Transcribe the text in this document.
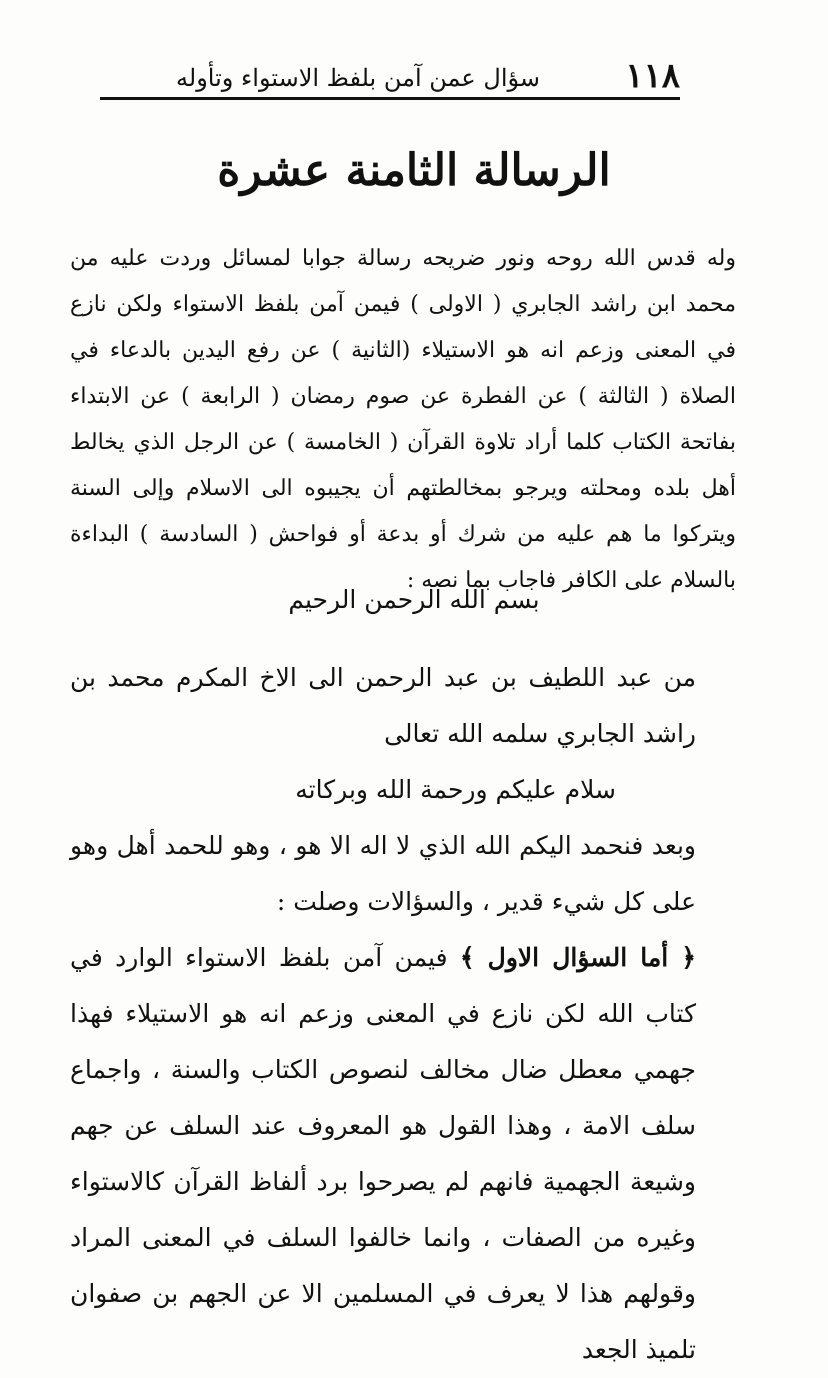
١١٨
سؤال عمن آمن بلفظ الاستواء وتأوله
الرسالة الثامنة عشرة
وله قدس الله روحه ونور ضريحه رسالة جوابا لمسائل وردت عليه من محمد ابن راشد الجابري ( الاولى ) فيمن آمن بلفظ الاستواء ولكن نازع في المعنى وزعم انه هو الاستيلاء (الثانية ) عن رفع اليدين بالدعاء في الصلاة ( الثالثة ) عن الفطرة عن صوم رمضان ( الرابعة ) عن الابتداء بفاتحة الكتاب كلما أراد تلاوة القرآن ( الخامسة ) عن الرجل الذي يخالط أهل بلده ومحلته ويرجو بمخالطتهم أن يجيبوه الى الاسلام وإلى السنة ويتركوا ما هم عليه من شرك أو بدعة أو فواحش ( السادسة ) البداءة بالسلام على الكافر فاجاب بما نصه :
بسم الله الرحمن الرحيم

من عبد اللطيف بن عبد الرحمن الى الاخ المكرم محمد بن راشد الجابري سلمه الله تعالى

سلام عليكم ورحمة الله وبركاته

وبعد فنحمد اليكم الله الذي لا اله الا هو ، وهو للحمد أهل وهو على كل شيء قدير ، والسؤالات وصلت :

﴿ أما السؤال الاول ﴾ فيمن آمن بلفظ الاستواء الوارد في كتاب الله لكن نازع في المعنى وزعم انه هو الاستيلاء فهذا جهمي معطل ضال مخالف لنصوص الكتاب والسنة ، واجماع سلف الامة ، وهذا القول هو المعروف عند السلف عن جهم وشيعة الجهمية فانهم لم يصرحوا برد ألفاظ القرآن كالاستواء وغيره من الصفات ، وانما خالفوا السلف في المعنى المراد وقولهم هذا لا يعرف في المسلمين الا عن الجهم بن صفوان تلميذ الجعد
